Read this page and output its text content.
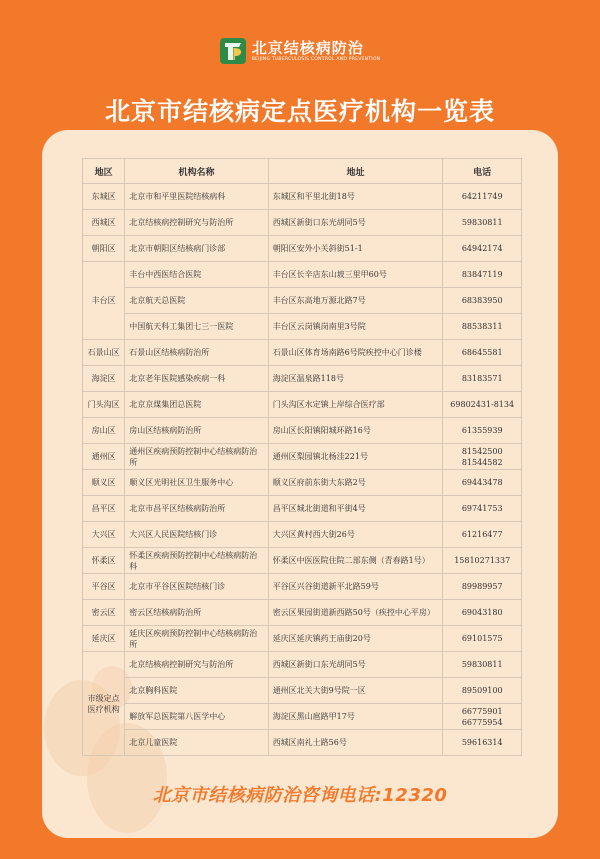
北京结核病防治
BEIJING TUBERCULOSIS CONTROL AND PREVENTION
北京市结核病定点医疗机构一览表
地区	机构名称	地址	电话
东城区	北京市和平里医院结核病科	东城区和平里北街18号	64211749
西城区	北京结核病控制研究与防治所	西城区新街口东光胡同5号	59830811
朝阳区	北京市朝阳区结核病门诊部	朝阳区安外小关斜街51-1	64942174
丰台区	丰台中西医结合医院	丰台区长辛店东山坡三里甲60号	83847119
	北京航天总医院	丰台区东高地万源北路7号	68383950
	中国航天科工集团七三一医院	丰台区云岗镇岗南里3号院	88538311
石景山区	石景山区结核病防治所	石景山区体育场南路6号院疾控中心门诊楼	68645581
海淀区	北京老年医院感染疾病一科	海淀区温泉路118号	83183571
门头沟区	北京京煤集团总医院	门头沟区水定镇上岸综合医疗部	69802431-8134
房山区	房山区结核病防治所	房山区长阳镇阳城环路16号	61355939
通州区	通州区疾病预防控制中心结核病防治所	通州区梨园镇北杨洼221号	81542500
81544582

顺义区	顺义区光明社区卫生服务中心	顺义区府前东街大东路2号	69443478
昌平区	北京市昌平区结核病防治所	昌平区城北街道和平街4号	69741753
大兴区	大兴区人民医院结核门诊	大兴区黄村西大街26号	61216477
怀柔区	怀柔区疾病预防控制中心结核病防治科	怀柔区中医医院住院二部东侧（青春路1号）	15810271337
平谷区	北京市平谷区医院结核门诊	平谷区兴谷街道新平北路59号	89989957
密云区	密云区结核病防治所	密云区果园街道新西路50号（疾控中心平房）	69043180
延庆区	延庆区疾病预防控制中心结核病防治所	延庆区延庆镇药王庙街20号	69101575
市级定点医疗机构	北京结核病控制研究与防治所	西城区新街口东光胡同5号	59830811
	北京胸科医院	通州区北关大街9号院一区	89509100
	解放军总医院第八医学中心	海淀区黑山扈路甲17号	66775901
66775954

	北京儿童医院	西城区南礼士路56号	59616314
北京市结核病防治咨询电话:12320
